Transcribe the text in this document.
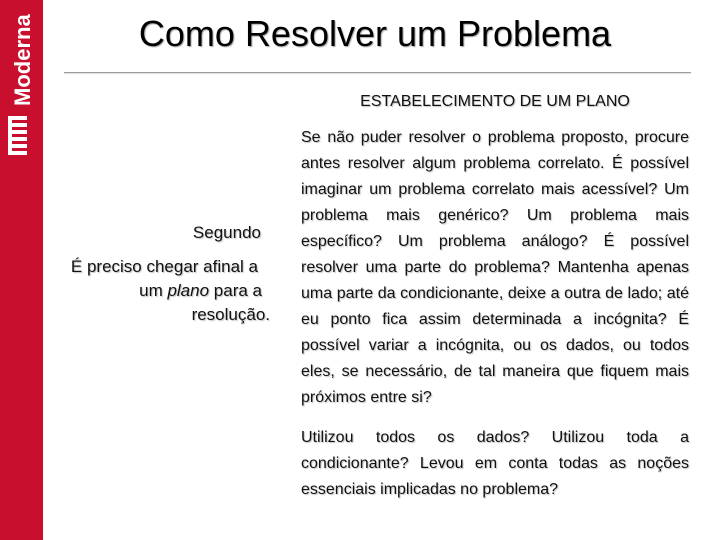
Moderna	Como Resolver um Problema
ESTABELECIMENTO DE UM PLANO
Segundo
É preciso chegar afinal a
um plano para a
resolução.

Se não puder resolver o problema proposto, procure antes resolver algum problema correlato. É possível imaginar um problema correlato mais acessível? Um problema mais genérico? Um problema mais específico? Um problema análogo? É possível resolver uma parte do problema? Mantenha apenas uma parte da condicionante, deixe a outra de lado; até eu ponto fica assim determinada a incógnita? É possível variar a incógnita, ou os dados, ou todos eles, se necessário, de tal maneira que fiquem mais próximos entre si?

Utilizou todos os dados? Utilizou toda a condicionante? Levou em conta todas as noções essenciais implicadas no problema?
